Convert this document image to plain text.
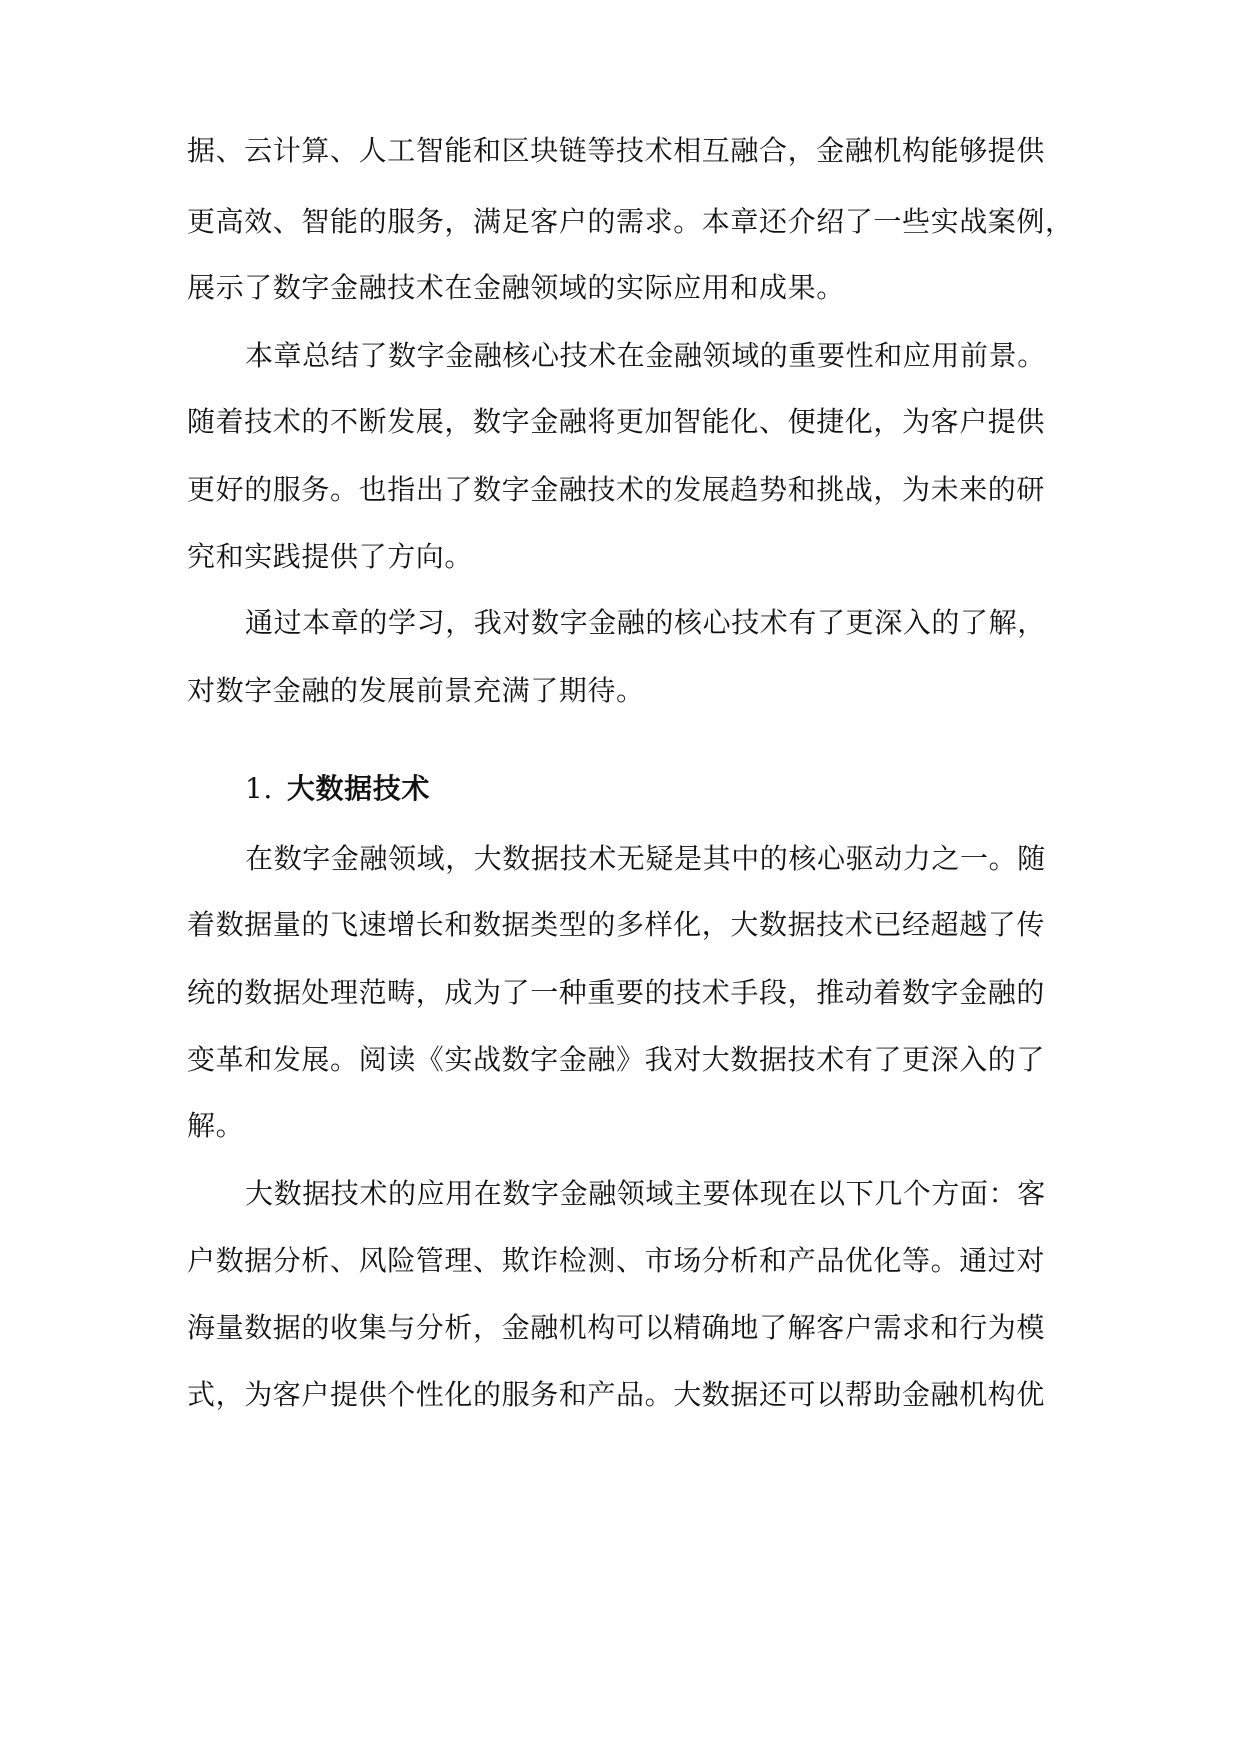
据、云计算、人工智能和区块链等技术相互融合，金融机构能够提供
更高效、智能的服务，满足客户的需求。本章还介绍了一些实战案例，
展示了数字金融技术在金融领域的实际应用和成果。
本章总结了数字金融核心技术在金融领域的重要性和应用前景。
随着技术的不断发展，数字金融将更加智能化、便捷化，为客户提供
更好的服务。也指出了数字金融技术的发展趋势和挑战，为未来的研
究和实践提供了方向。
通过本章的学习，我对数字金融的核心技术有了更深入的了解，
对数字金融的发展前景充满了期待。
1. 大数据技术
在数字金融领域，大数据技术无疑是其中的核心驱动力之一。随
着数据量的飞速增长和数据类型的多样化，大数据技术已经超越了传
统的数据处理范畴，成为了一种重要的技术手段，推动着数字金融的
变革和发展。阅读《实战数字金融》我对大数据技术有了更深入的了
解。
大数据技术的应用在数字金融领域主要体现在以下几个方面：客
户数据分析、风险管理、欺诈检测、市场分析和产品优化等。通过对
海量数据的收集与分析，金融机构可以精确地了解客户需求和行为模
式，为客户提供个性化的服务和产品。大数据还可以帮助金融机构优
